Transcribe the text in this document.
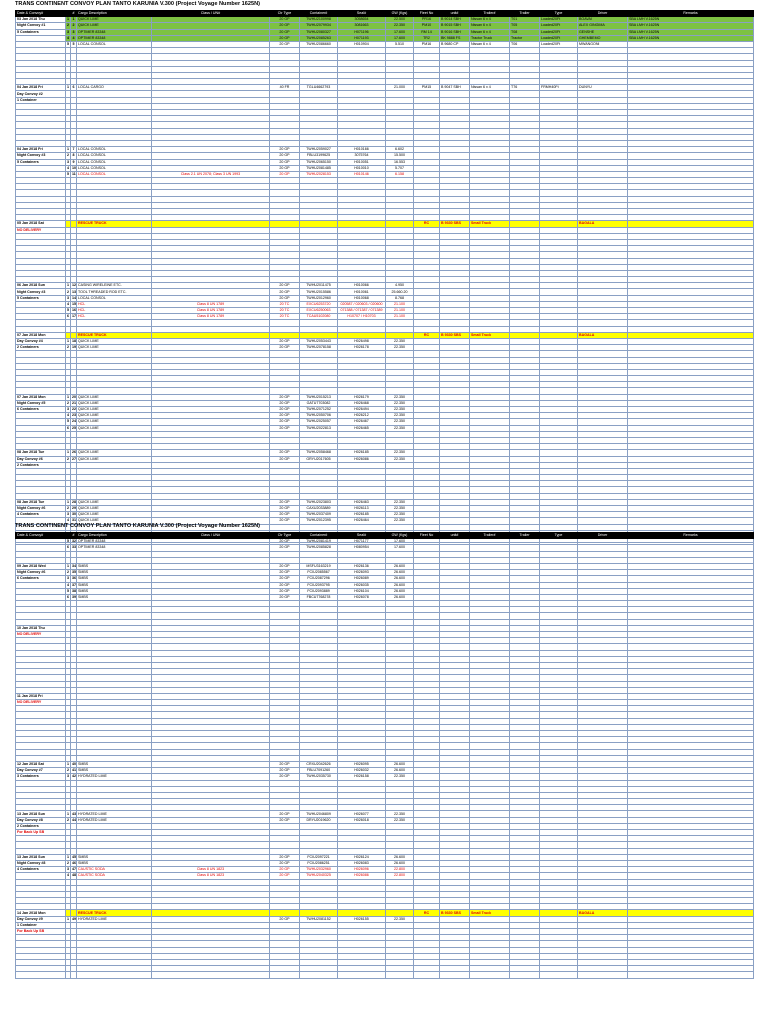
TRANS CONTINENT CONVOY PLAN TANTO KARUNIA V.300 (Project Voyage Number 1625N)
Date & Convoy#		#	Cargo Description	Class / UN#	Ctr Type	Container#	Seal#	GW (Kgs)	Fleet No	unit#	Trailer#	Trailer	Type	Driver	Remarks
03 Jan 2018 Thu	1	1	QUICK LIME		20 GP	TWHU2100998	3058654	22.500	PR16	B 9014 SBH	Nissan 6 x 4	T01	Loaded20Ft	BOAVAI	SBA LMH V.1625N
Night Convoy #1	2	2	QUICK LIME		20 GP	TWHU2079934	3081663	22.350	PM10	B 9015 SBH	Nissan 6 x 4	T05	Loaded20Ft	ALEX GINGIMA	SBA LMH V.1625N
5 Containers	3	3	OPTIMER 83348		20 GP	TWHU2080327	H071196	17.600	RM 14	B 9016 SBH	Nissan 6 x 4	T08	Loaded20Ft	GENSHE	SBA LMH V.1625N
	4	4	OPTIMER 83348		20 GP	TWHU2085263	H071193	17.600	TR2	BK 9888 FS	Tractor Truck	Tractor	Loaded20Ft	GHEMBEMO	SBA LMH V.1625N
	5	5	LOCAL CONSOL		20 GP	TWHU2086660	H010904	5.510	PM16	B 9680 CP	Nissan 6 x 4	T06	Loaded20Ft	MWANGONI	

04 Jan 2018 Fri	1	6	LOCAL CARGO		40 FR	TGLU4662793		21.000	PM15	B 9047 SBH	Nissan 6 x 4	T76	FRMH40Ft	DUNYU	
Day Convoy #2															
1 Container															

04 Jan 2018 Fri	1	7	LOCAL CONSOL		20 GP	TWHU2059027	H010166	6.602							
Night Convoy #3	2	8	LOCAL CONSOL		20 GP	FBLU3199625	3075764	15.500							
5 Containers	3	9	LOCAL CONSOL		20 GP	TWHU2065150	H010051	16.553							
	4	10	LOCAL CONSOL		20 GP	TWHU2081485	H010010	5.707							
	5	11	LOCAL CONSOL	Class 2.1 UN 2078; Class 3 UN 1993	20 GP	TWHU2028153	H010146	6.158							

05 Jan 2018 Sat			RESCUE TRUCK						RC	B 9330 SBS	Small Truck			BAGALA	
NO DELIVERY															

06 Jan 2018 Sun	1	12	CASING WIRELEINE ETC.		20 GP	TWHU2011475	H010066	4.950							
Night Convoy #3	2	13	TOOL THREADED ROD ETC.		20 GP	TWHU2015586	H010061	25.660.20							
5 Containers	3	14	LOCAL CONSOL		20 GP	TWHU2012960	H010068	8.768							
	4	15	HCL	Class 8 UN 1789	20 TC	EXCU6253720	020587 / 020603 / 020600	21.100							
	5	16	HCL	Class 8 UN 1789	20 TC	EXCU6250063	071388 / 071387 / 071389	21.100							
	6	17	HCL	Class 8 UN 1789	20 TC	TCAU5102080	H10707 / H10703	21.100							

07 Jan 2018 Mon			RESCUE TRUCK						RC	B 9330 SBS	Small Truck			BAGALA	
Day Convoy #4	1	18	QUICK LIME		20 GP	TWHU2053443	H026498	22.350							
2 Containers	2	19	QUICK LIME		20 GP	TWHU2078158	H026178	22.350							

07 Jan 2018 Mon	1	20	QUICK LIME		20 GP	TWHU2015213	H026179	22.350							
Night Convoy #5	2	21	QUICK LIME		20 GP	GATU7703082	H026468	22.350							
6 Containers	3	22	QUICK LIME		20 GP	TWHU2071252	H026494	22.350							
	4	23	QUICK LIME		20 GP	TWHU2050706	H026212	22.350							
	5	24	QUICK LIME		20 GP	TWHU2025057	H026467	22.350							
	6	25	QUICK LIME		20 GP	TWHU2022813	H026465	22.350							

08 Jan 2018 Tue	1	26	QUICK LIME		20 GP	TWHU2058468	H026185	22.350							
Day Convoy #6	2	27	QUICK LIME		20 GP	GRYU2017605	H026086	22.350							
2 Containers															

08 Jan 2018 Tue	1	28	QUICK LIME		20 GP	TWHU2023803	H026463	22.350							
Night Convoy #6	2	29	QUICK LIME		20 GP	CAXU2033889	H026113	22.350							
4 Containers	3	30	QUICK LIME		20 GP	TWHU2037409	H026185	22.350							
	4	31	QUICK LIME		20 GP	TWHU2012395	H026464	22.350							

TRANS CONTINENT CONVOY PLAN TANTO KARUNIA V.300 (Project Voyage Number 1625N)
Date & Convoy#		#	Cargo Description	Class / UN#	Ctr Type	Container#	Seal#	GW (Kgs)	Fleet No	unit#	Trailer#	Trailer	Type	Driver	Remarks
	5	32	OPTIMER 83348		20 GP	TWHU2081419	H071177	17.600							
	6	33	OPTIMER 83348		20 GP	TWHU2085828	H080954	17.600							

09 Jan 2018 Wed	1	34	SMBS		20 GP	MSFU3163219	H026136	26.600							
Night Convoy #6	2	35	SMBS		20 GP	FCIU2085567	H026093	26.600							
6 Containers	3	36	SMBS		20 GP	FCIU2087296	H026089	26.600							
	4	37	SMBS		20 GP	FCIU2093795	H026035	26.600							
	5	38	SMBS		20 GP	FCIU2093889	H026104	26.600							
	6	39	SMBS		20 GP	FBCU7768278	H026078	26.600							

10 Jan 2018 Thu															
NO DELIVERY															

11 Jan 2018 Fri															
NO DELIVERY															

12 Jan 2018 Sat	1	40	SMBS		20 GP	CRXU2042626	H026095	26.600							
Day Convoy #7	2	41	SMBS		20 GP	FBLU7091260	H026032	26.600							
3 Containers	3	42	HYDRATED LIME		20 GP	TWHU2035730	H026158	22.350							

13 Jan 2018 Sun	1	43	HYDRATED LIME		20 GP	TWHU2046809	H026077	22.350							
Day Convoy #8	2	44	HYDRATED LIME		20 GP	DRYU2019620	H026018	22.350							
2 Containers															
For Back Up SB															

13 Jan 2018 Sun	1	45	SMBS		20 GP	FCIU2097221	H026124	26.600							
Night Convoy #8	2	46	SMBS		20 GP	FCIU2086251	H026083	26.600							
4 Containers	3	47	CAUSTIC SODA	Class 8 UN 1823	20 GP	TWHU2032960	H026096	22.800							
	4	48	CAUSTIC SODA	Class 8 UN 1823	20 GP	TWHU2040325	H026086	22.800							

14 Jan 2018 Mon			RESCUE TRUCK						RC	B 9330 SBS	Small Truck			BAGALA	
Day Convoy #9	1	49	HYDRATED LIME		20 GP	TWHU2081152	H026155	22.350							
1 Container															
For Back Up SB															
